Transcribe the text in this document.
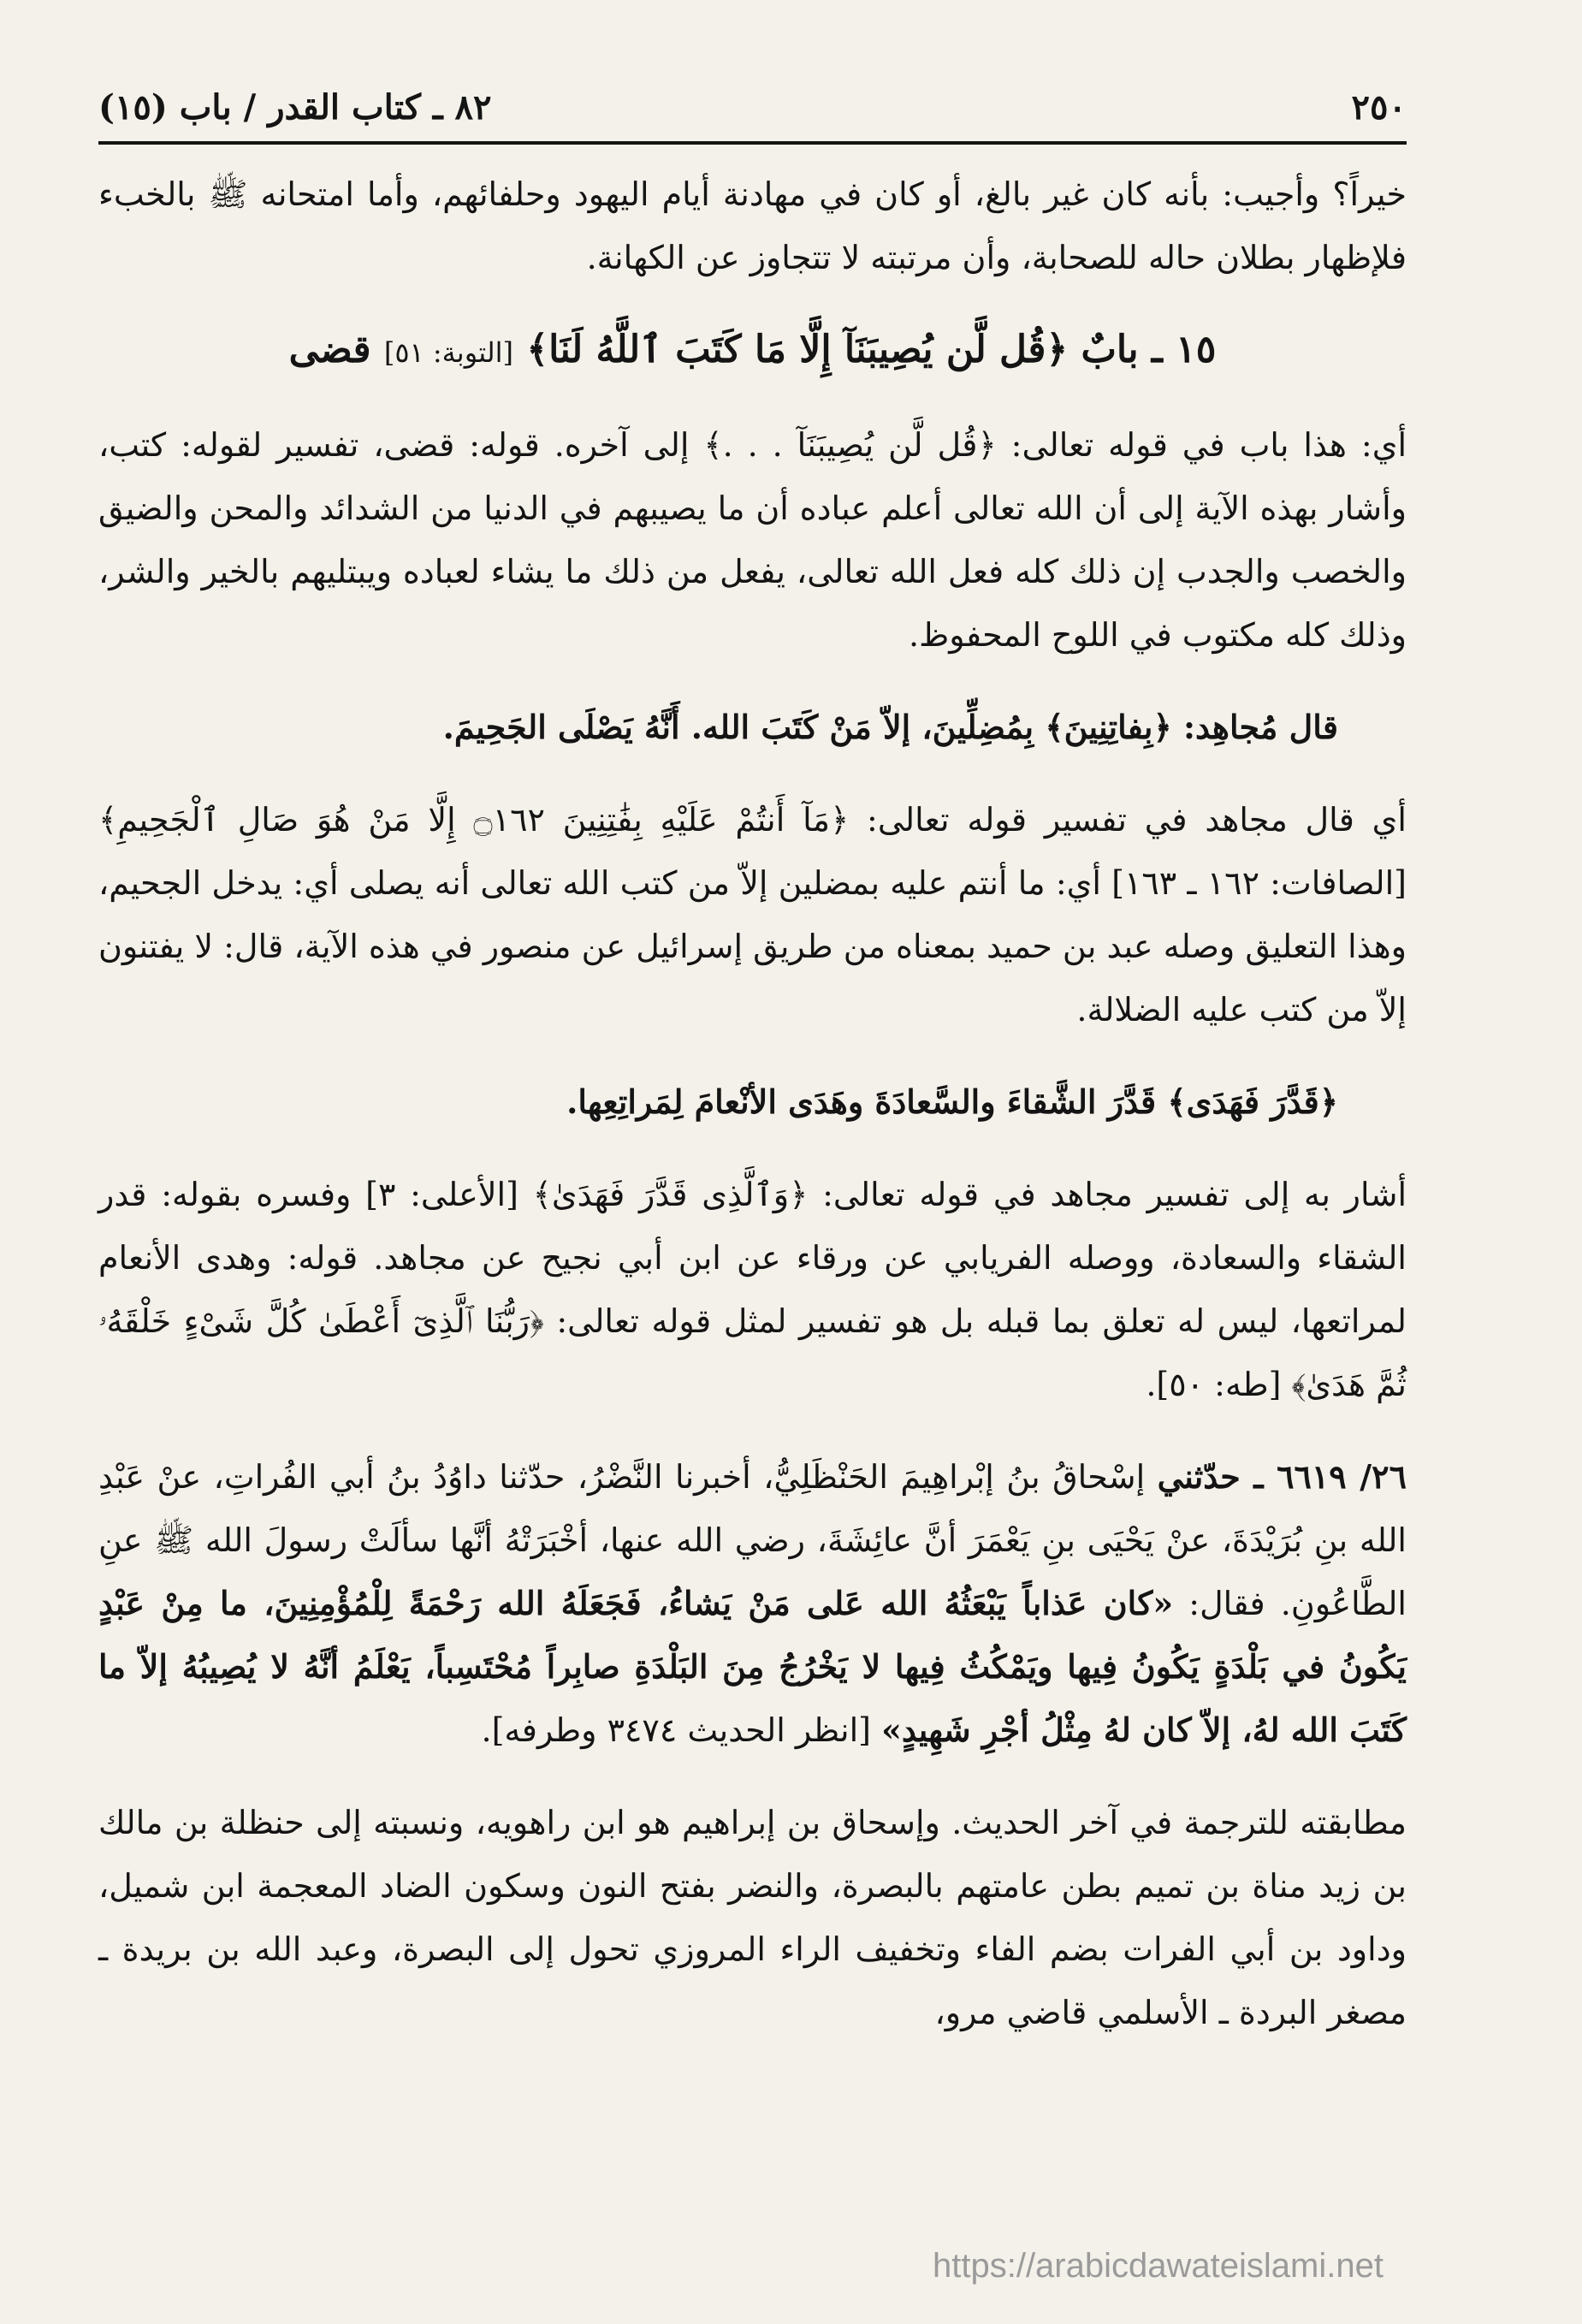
٢٥٠
٨٢ ـ كتاب القدر / باب (١٥)

خيراً؟ وأجيب: بأنه كان غير بالغ، أو كان في مهادنة أيام اليهود وحلفائهم، وأما امتحانه ﷺ بالخبء فلإظهار بطلان حاله للصحابة، وأن مرتبته لا تتجاوز عن الكهانة.

١٥ ـ بابٌ ﴿قُل لَّن يُصِيبَنَآ إِلَّا مَا كَتَبَ ٱللَّهُ لَنَا﴾ [التوبة: ٥١] قضى

أي: هذا باب في قوله تعالى: ﴿قُل لَّن يُصِيبَنَآ . . .﴾ إلى آخره. قوله: قضى، تفسير لقوله: كتب، وأشار بهذه الآية إلى أن الله تعالى أعلم عباده أن ما يصيبهم في الدنيا من الشدائد والمحن والضيق والخصب والجدب إن ذلك كله فعل الله تعالى، يفعل من ذلك ما يشاء لعباده ويبتليهم بالخير والشر، وذلك كله مكتوب في اللوح المحفوظ.

قال مُجاهِد: ﴿بِفاتِنِينَ﴾ بِمُضِلِّينَ، إلاّ مَنْ كَتَبَ الله. أَنَّهُ يَصْلَى الجَحِيمَ.

أي قال مجاهد في تفسير قوله تعالى: ﴿مَآ أَنتُمْ عَلَيْهِ بِفَٰتِنِينَ ۝١٦٢ إِلَّا مَنْ هُوَ صَالِ ٱلْجَحِيمِ﴾ [الصافات: ١٦٢ ـ ١٦٣] أي: ما أنتم عليه بمضلين إلاّ من كتب الله تعالى أنه يصلى أي: يدخل الجحيم، وهذا التعليق وصله عبد بن حميد بمعناه من طريق إسرائيل عن منصور في هذه الآية، قال: لا يفتنون إلاّ من كتب عليه الضلالة.

﴿قَدَّرَ فَهَدَى﴾ قَدَّرَ الشَّقاءَ والسَّعادَةَ وهَدَى الأنْعامَ لِمَراتِعِها.

أشار به إلى تفسير مجاهد في قوله تعالى: ﴿وَٱلَّذِى قَدَّرَ فَهَدَىٰ﴾ [الأعلى: ٣] وفسره بقوله: قدر الشقاء والسعادة، ووصله الفريابي عن ورقاء عن ابن أبي نجيح عن مجاهد. قوله: وهدى الأنعام لمراتعها، ليس له تعلق بما قبله بل هو تفسير لمثل قوله تعالى: ﴿رَبُّنَا ٱلَّذِىٓ أَعْطَىٰ كُلَّ شَىْءٍ خَلْقَهُۥ ثُمَّ هَدَىٰ﴾ [طه: ٥٠].

٢٦/ ٦٦١٩ ـ حدّثني إسْحاقُ بنُ إبْراهِيمَ الحَنْظَلِيُّ، أخبرنا النَّضْرُ، حدّثنا داوُدُ بنُ أبي الفُراتِ، عنْ عَبْدِ الله بنِ بُرَيْدَةَ، عنْ يَحْيَى بنِ يَعْمَرَ أنَّ عائِشَةَ، رضي الله عنها، أخْبَرَتْهُ أنَّها سألَتْ رسولَ الله ﷺ عنِ الطَّاعُونِ. فقال: «كان عَذاباً يَبْعَثُهُ الله عَلى مَنْ يَشاءُ، فَجَعَلَهُ الله رَحْمَةً لِلْمُؤْمِنِينَ، ما مِنْ عَبْدٍ يَكُونُ في بَلْدَةٍ يَكُونُ فِيها ويَمْكُثُ فِيها لا يَخْرُجُ مِنَ البَلْدَةِ صابِراً مُحْتَسِباً، يَعْلَمُ أنَّهُ لا يُصِيبُهُ إلاّ ما كَتَبَ الله لهُ، إلاّ كان لهُ مِثْلُ أجْرِ شَهِيدٍ» [انظر الحديث ٣٤٧٤ وطرفه].

مطابقته للترجمة في آخر الحديث. وإسحاق بن إبراهيم هو ابن راهويه، ونسبته إلى حنظلة بن مالك بن زيد مناة بن تميم بطن عامتهم بالبصرة، والنضر بفتح النون وسكون الضاد المعجمة ابن شميل، وداود بن أبي الفرات بضم الفاء وتخفيف الراء المروزي تحول إلى البصرة، وعبد الله بن بريدة ـ مصغر البردة ـ الأسلمي قاضي مرو،

https://arabicdawateislami.net
